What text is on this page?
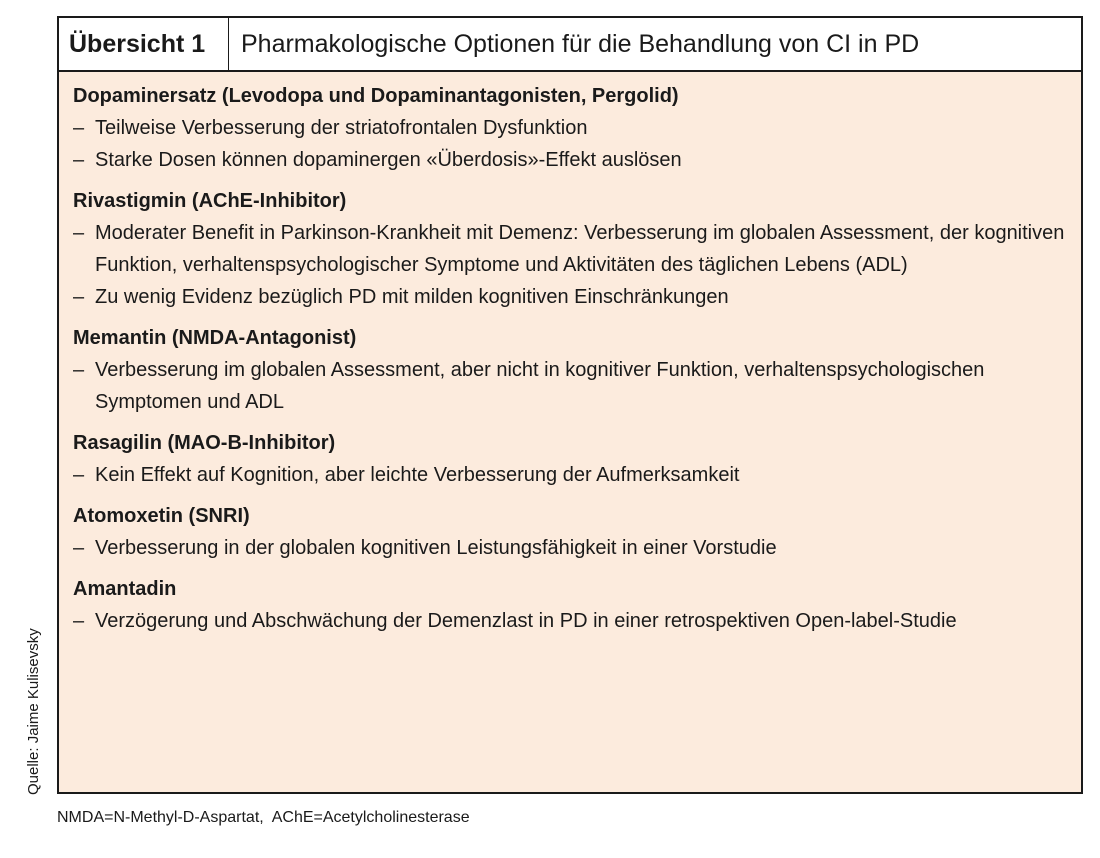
Übersicht 1	Pharmakologische Optionen für die Behandlung von CI in PD
Dopaminersatz (Levodopa und Dopaminantagonisten, Pergolid)
– Teilweise Verbesserung der striatofrontalen Dysfunktion
– Starke Dosen können dopaminergen «Überdosis»-Effekt auslösen
Rivastigmin (AChE-Inhibitor)
– Moderater Benefit in Parkinson-Krankheit mit Demenz: Verbesserung im globalen Assessment, der kognitiven Funktion, verhaltenspsychologischer Symptome und Aktivitäten des täglichen Lebens (ADL)
– Zu wenig Evidenz bezüglich PD mit milden kognitiven Einschränkungen
Memantin (NMDA-Antagonist)
– Verbesserung im globalen Assessment, aber nicht in kognitiver Funktion, verhaltenspsychologischen Symptomen und ADL
Rasagilin (MAO-B-Inhibitor)
– Kein Effekt auf Kognition, aber leichte Verbesserung der Aufmerksamkeit
Atomoxetin (SNRI)
– Verbesserung in der globalen kognitiven Leistungsfähigkeit in einer Vorstudie
Amantadin
– Verzögerung und Abschwächung der Demenzlast in PD in einer retrospektiven Open-label-Studie
Quelle: Jaime Kulisevsky
NMDA=N-Methyl-D-Aspartat,  AChE=Acetylcholinesterase
